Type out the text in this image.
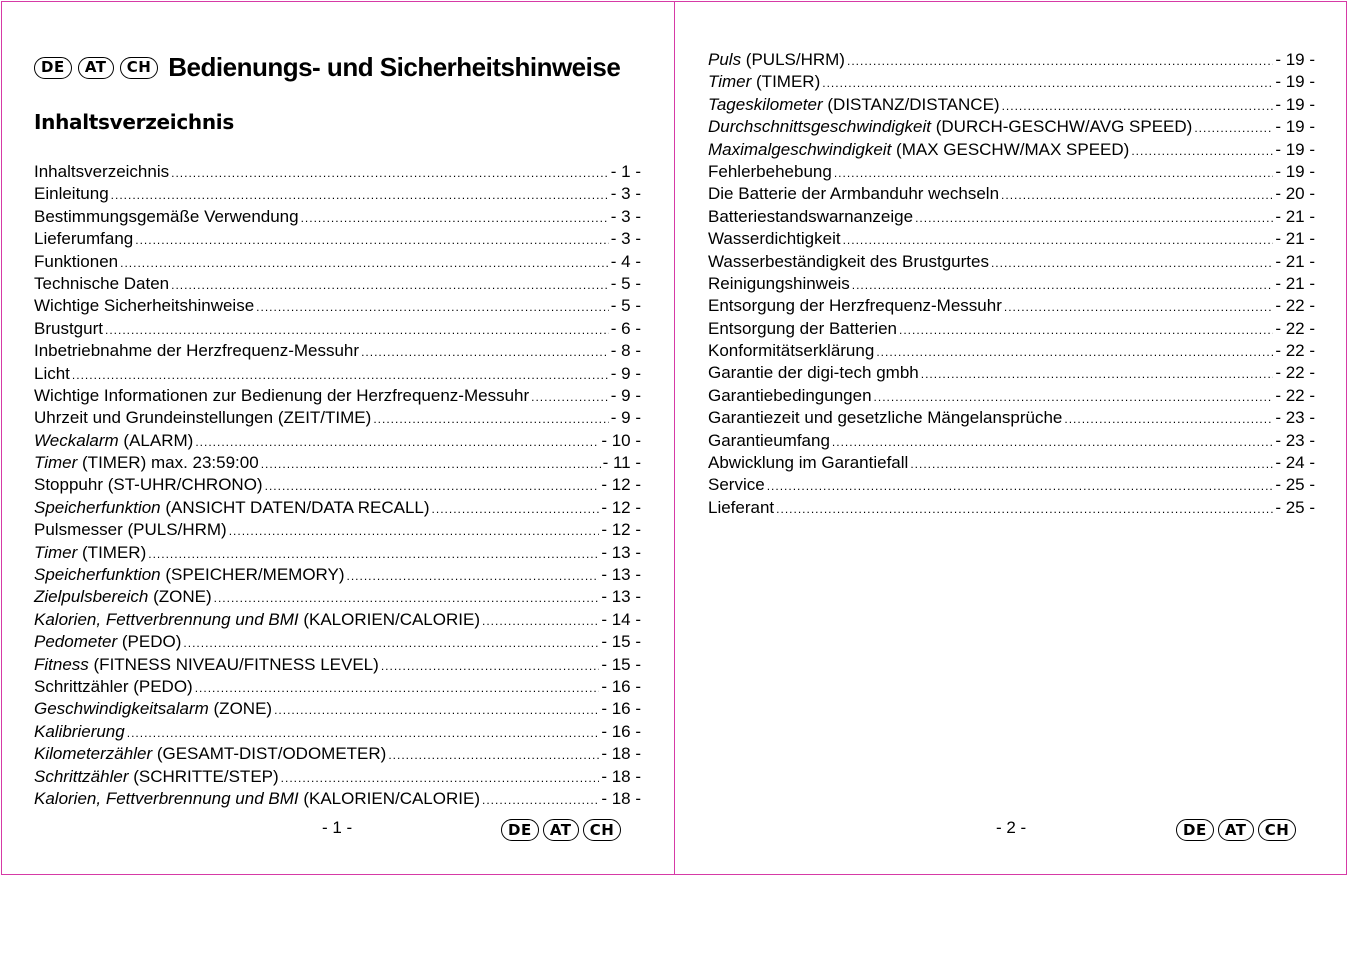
DE	AT	CH Bedienungs- und Sicherheitshinweise
Inhaltsverzeichnis
Inhaltsverzeichnis .....	- 1 -
Einleitung .....	- 3 -
Bestimmungsgemäße Verwendung .....	- 3 -
Lieferumfang .....	- 3 -
Funktionen .....	- 4 -
Technische Daten .....	- 5 -
Wichtige Sicherheitshinweise .....	- 5 -
Brustgurt .....	- 6 -
Inbetriebnahme der Herzfrequenz-Messuhr .....	- 8 -
Licht .....	- 9 -
Wichtige Informationen zur Bedienung der Herzfrequenz-Messuhr .....	- 9 -
Uhrzeit und Grundeinstellungen (ZEIT/TIME) .....	- 9 -
Weckalarm (ALARM) .....	- 10 -
Timer (TIMER) max. 23:59:00 .....	- 11 -
Stoppuhr (ST-UHR/CHRONO) .....	- 12 -
Speicherfunktion (ANSICHT DATEN/DATA RECALL) .....	- 12 -
Pulsmesser (PULS/HRM) .....	- 12 -
Timer (TIMER) .....	- 13 -
Speicherfunktion (SPEICHER/MEMORY) .....	- 13 -
Zielpulsbereich (ZONE) .....	- 13 -
Kalorien, Fettverbrennung und BMI (KALORIEN/CALORIE) .....	- 14 -
Pedometer (PEDO) .....	- 15 -
Fitness (FITNESS NIVEAU/FITNESS LEVEL) .....	- 15 -
Schrittzähler (PEDO) .....	- 16 -
Geschwindigkeitsalarm (ZONE) .....	- 16 -
Kalibrierung .....	- 16 -
Kilometerzähler (GESAMT-DIST/ODOMETER) .....	- 18 -
Schrittzähler (SCHRITTE/STEP) .....	- 18 -
Kalorien, Fettverbrennung und BMI (KALORIEN/CALORIE) .....	- 18 -
- 1 -	DE	AT	CH
Puls (PULS/HRM) .....	- 19 -
Timer (TIMER) .....	- 19 -
Tageskilometer (DISTANZ/DISTANCE) .....	- 19 -
Durchschnittsgeschwindigkeit (DURCH-GESCHW/AVG SPEED) .....	- 19 -
Maximalgeschwindigkeit (MAX GESCHW/MAX SPEED) .....	- 19 -
Fehlerbehebung .....	- 19 -
Die Batterie der Armbanduhr wechseln .....	- 20 -
Batteriestandswarnanzeige .....	- 21 -
Wasserdichtigkeit .....	- 21 -
Wasserbeständigkeit des Brustgurtes .....	- 21 -
Reinigungshinweis .....	- 21 -
Entsorgung der Herzfrequenz-Messuhr .....	- 22 -
Entsorgung der Batterien .....	- 22 -
Konformitätserklärung .....	- 22 -
Garantie der digi-tech gmbh .....	- 22 -
Garantiebedingungen .....	- 22 -
Garantiezeit und gesetzliche Mängelansprüche .....	- 23 -
Garantieumfang .....	- 23 -
Abwicklung im Garantiefall .....	- 24 -
Service .....	- 25 -
Lieferant .....	- 25 -
- 2 -	DE	AT	CH
